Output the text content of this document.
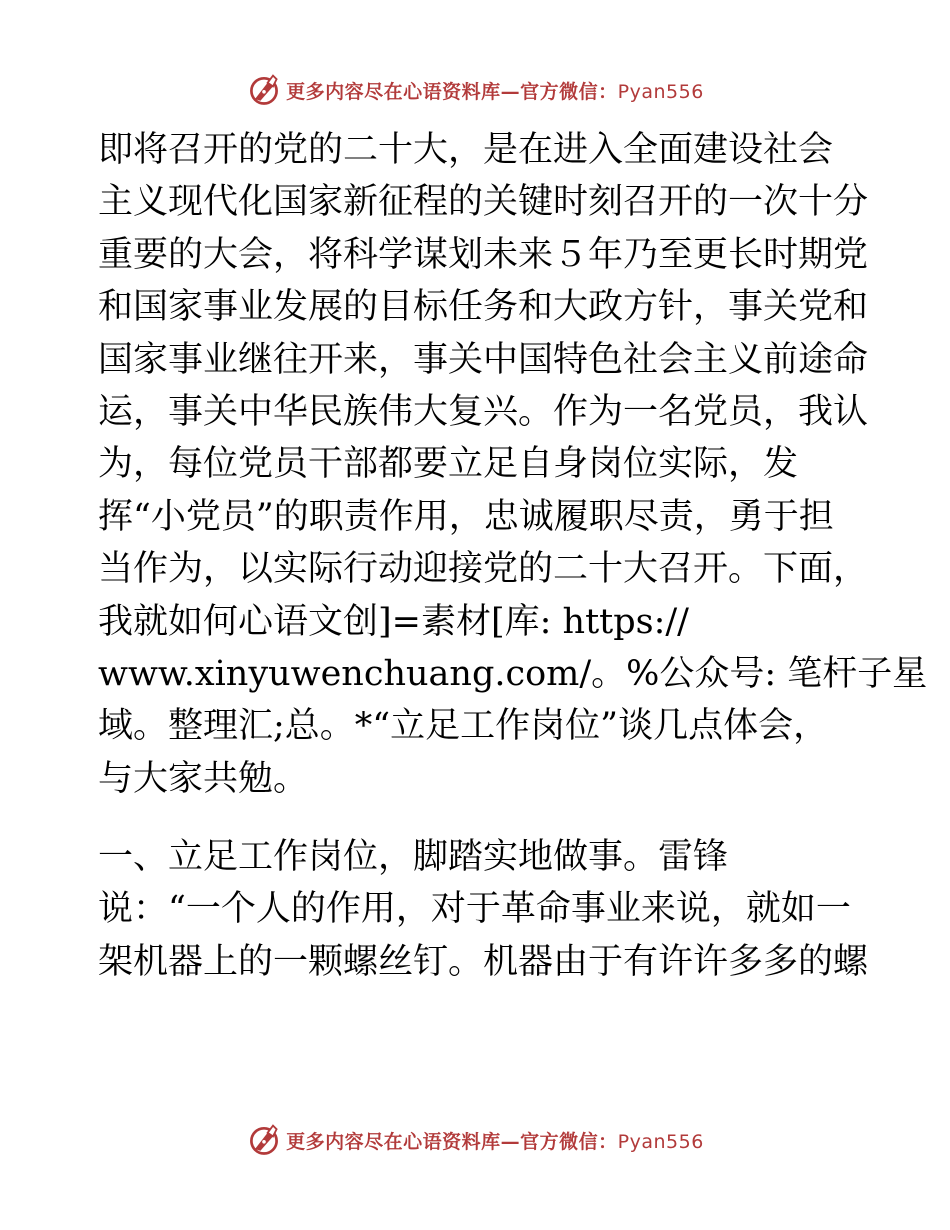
更多内容尽在心语资料库—官方微信：Pyan556
即将召开的党的二十大，是在进入全面建设社会
主义现代化国家新征程的关键时刻召开的一次十分
重要的大会，将科学谋划未来５年乃至更长时期党
和国家事业发展的目标任务和大政方针，事关党和
国家事业继往开来，事关中国特色社会主义前途命
运，事关中华民族伟大复兴。作为一名党员，我认
为，每位党员干部都要立足自身岗位实际，发
挥“小党员”的职责作用，忠诚履职尽责，勇于担
当作为，以实际行动迎接党的二十大召开。下面，
我就如何心语文创]=素材[库: https://
www.xinyuwenchuang.com/。%公众号: 笔杆子星
域。整理汇;总。*“立足工作岗位”谈几点体会，
与大家共勉。
一、立足工作岗位，脚踏实地做事。雷锋
说：“一个人的作用，对于革命事业来说，就如一
架机器上的一颗螺丝钉。机器由于有许许多多的螺
更多内容尽在心语资料库—官方微信：Pyan556
